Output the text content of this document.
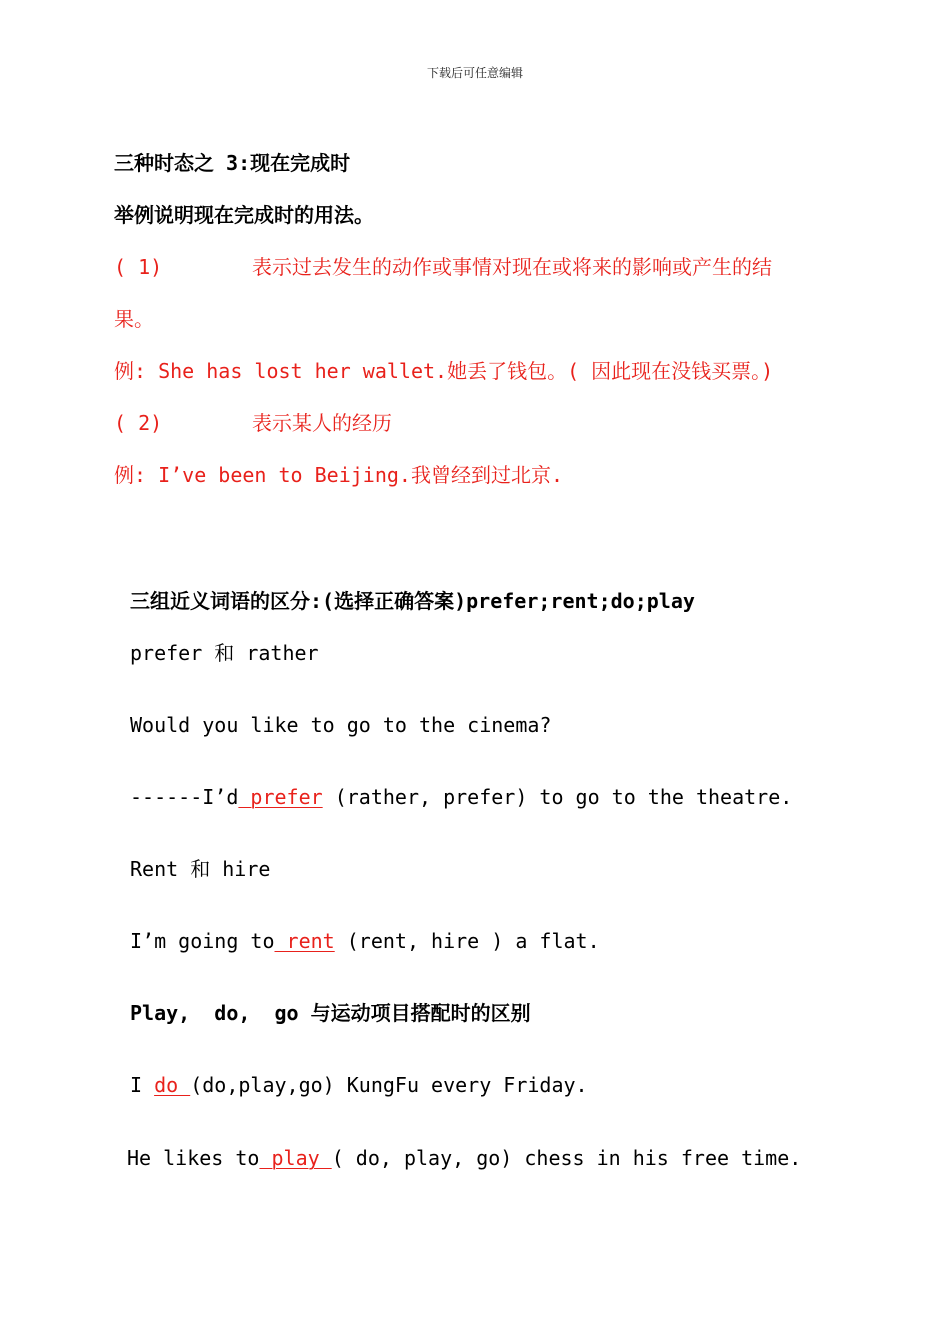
下载后可任意编辑
三种时态之 3:现在完成时
举例说明现在完成时的用法。
( 1)	表示过去发生的动作或事情对现在或将来的影响或产生的结
果。
例: She has lost her wallet.她丢了钱包。( 因此现在没钱买票。)
( 2)	表示某人的经历
例: I’ve been to Beijing.我曾经到过北京.
三组近义词语的区分:(选择正确答案)prefer;rent;do;play
prefer 和 rather
Would you like to go to the cinema?
------I’d prefer (rather, prefer) to go to the theatre.
Rent 和 hire
I’m going to rent (rent, hire ) a flat.
Play,  do,  go 与运动项目搭配时的区别
I do (do,play,go) KungFu every Friday.
He likes to play ( do, play, go) chess in his free time.
